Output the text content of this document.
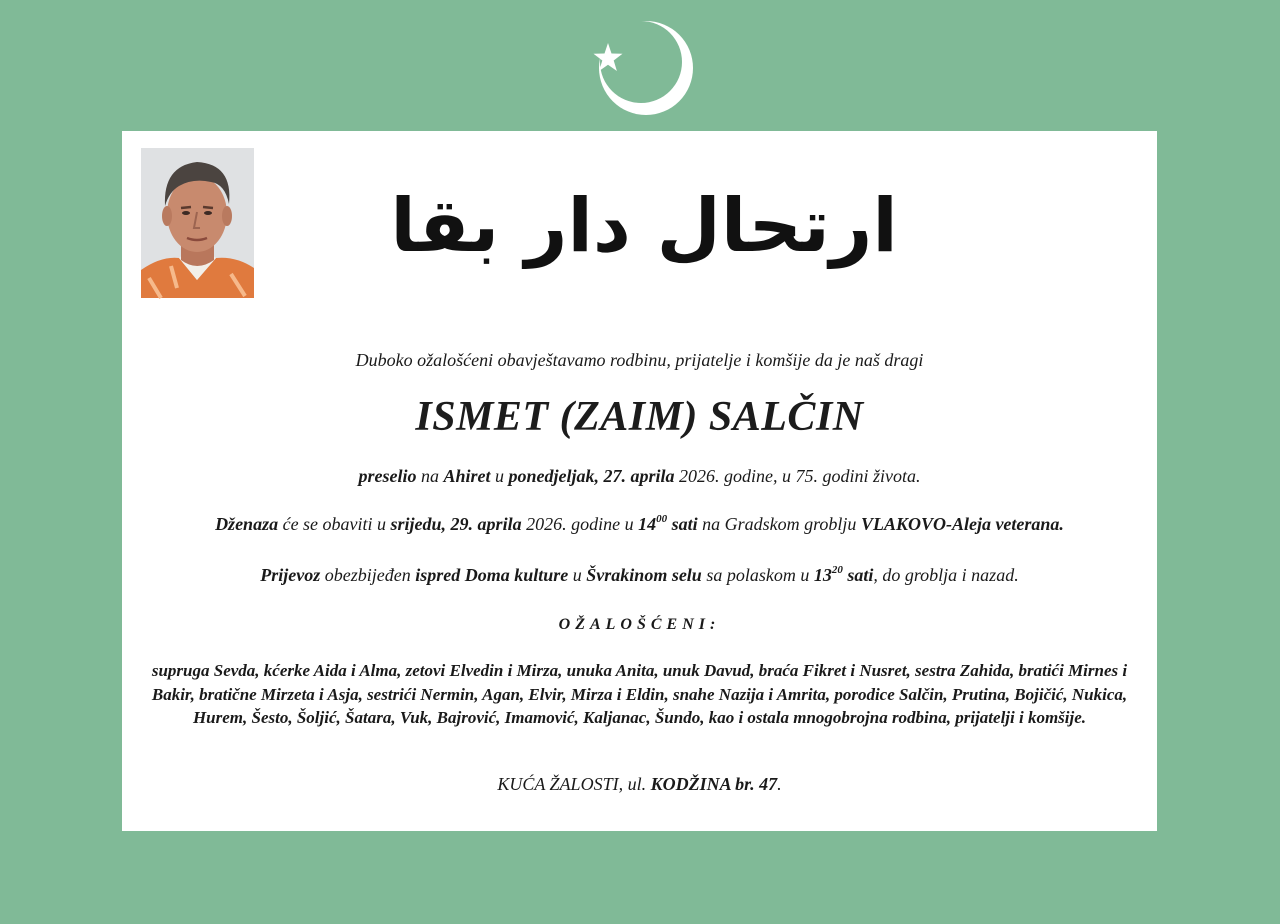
ارتحال دار بقا
Duboko ožalošćeni obavještavamo rodbinu, prijatelje i komšije da je naš dragi
ISMET (ZAIM) SALČIN
preselio na Ahiret u ponedjeljak, 27. aprila 2026. godine, u 75. godini života.
Dženaza će se obaviti u srijedu, 29. aprila 2026. godine u $14^{00}$ sati na Gradskom groblju VLAKOVO-Aleja veterana.
Prijevoz obezbijeđen ispred Doma kulture u Švrakinom selu sa polaskom u $13^{20}$ sati, do groblja i nazad.
OŽALOŠĆENI:
supruga Sevda, kćerke Aida i Alma, zetovi Elvedin i Mirza, unuka Anita, unuk Davud, braća Fikret i Nusret, sestra Zahida, bratići Mirnes i Bakir, bratične Mirzeta i Asja, sestrići Nermin, Agan, Elvir, Mirza i Eldin, snahe Nazija i Amrita, porodice Salčin, Prutina, Bojičić, Nukica, Hurem, Šesto, Šoljić, Šatara, Vuk, Bajrović, Imamović, Kaljanac, Šundo, kao i ostala mnogobrojna rodbina, prijatelji i komšije.
KUĆA ŽALOSTI, ul. KODŽINA br. 47.
